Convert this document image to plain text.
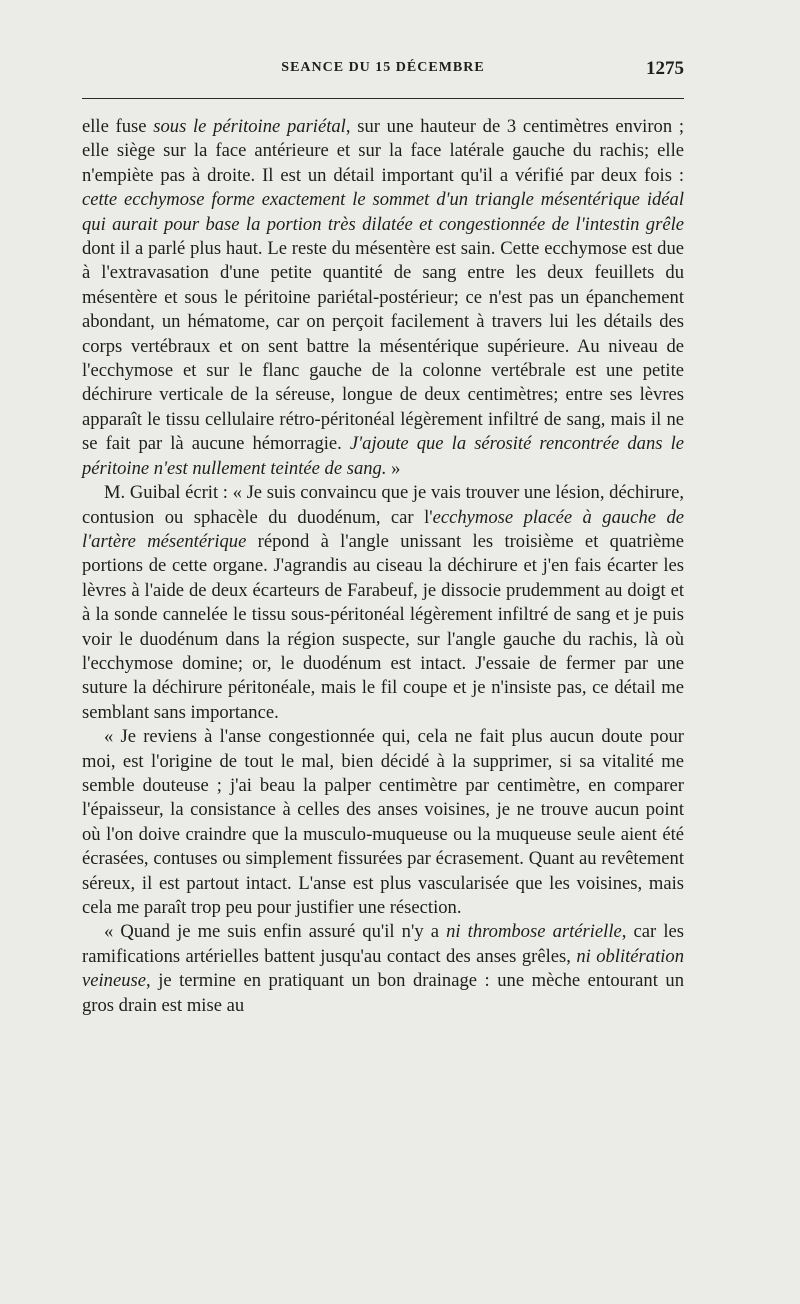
SEANCE DU 15 DÉCEMBRE	1275

elle fuse sous le péritoine pariétal, sur une hauteur de 3 centimètres environ ; elle siège sur la face antérieure et sur la face latérale gauche du rachis; elle n'empiète pas à droite. Il est un détail important qu'il a vérifié par deux fois : cette ecchymose forme exactement le sommet d'un triangle mésentérique idéal qui aurait pour base la portion très dilatée et congestionnée de l'intestin grêle dont il a parlé plus haut. Le reste du mésentère est sain. Cette ecchymose est due à l'extravasation d'une petite quantité de sang entre les deux feuillets du mésentère et sous le péritoine pariétal-postérieur; ce n'est pas un épanchement abondant, un hématome, car on perçoit facilement à travers lui les détails des corps vertébraux et on sent battre la mésentérique supérieure. Au niveau de l'ecchymose et sur le flanc gauche de la colonne vertébrale est une petite déchirure verticale de la séreuse, longue de deux centimètres; entre ses lèvres apparaît le tissu cellulaire rétro-péritonéal légèrement infiltré de sang, mais il ne se fait par là aucune hémorragie. J'ajoute que la sérosité rencontrée dans le péritoine n'est nullement teintée de sang. »

M. Guibal écrit : « Je suis convaincu que je vais trouver une lésion, déchirure, contusion ou sphacèle du duodénum, car l'ecchymose placée à gauche de l'artère mésentérique répond à l'angle unissant les troisième et quatrième portions de cette organe. J'agrandis au ciseau la déchirure et j'en fais écarter les lèvres à l'aide de deux écarteurs de Farabeuf, je dissocie prudemment au doigt et à la sonde cannelée le tissu sous-péritonéal légèrement infiltré de sang et je puis voir le duodénum dans la région suspecte, sur l'angle gauche du rachis, là où l'ecchymose domine; or, le duodénum est intact. J'essaie de fermer par une suture la déchirure péritonéale, mais le fil coupe et je n'insiste pas, ce détail me semblant sans importance.

« Je reviens à l'anse congestionnée qui, cela ne fait plus aucun doute pour moi, est l'origine de tout le mal, bien décidé à la supprimer, si sa vitalité me semble douteuse ; j'ai beau la palper centimètre par centimètre, en comparer l'épaisseur, la consistance à celles des anses voisines, je ne trouve aucun point où l'on doive craindre que la musculo-muqueuse ou la muqueuse seule aient été écrasées, contuses ou simplement fissurées par écrasement. Quant au revêtement séreux, il est partout intact. L'anse est plus vascularisée que les voisines, mais cela me paraît trop peu pour justifier une résection.

« Quand je me suis enfin assuré qu'il n'y a ni thrombose artérielle, car les ramifications artérielles battent jusqu'au contact des anses grêles, ni oblitération veineuse, je termine en pratiquant un bon drainage : une mèche entourant un gros drain est mise au
